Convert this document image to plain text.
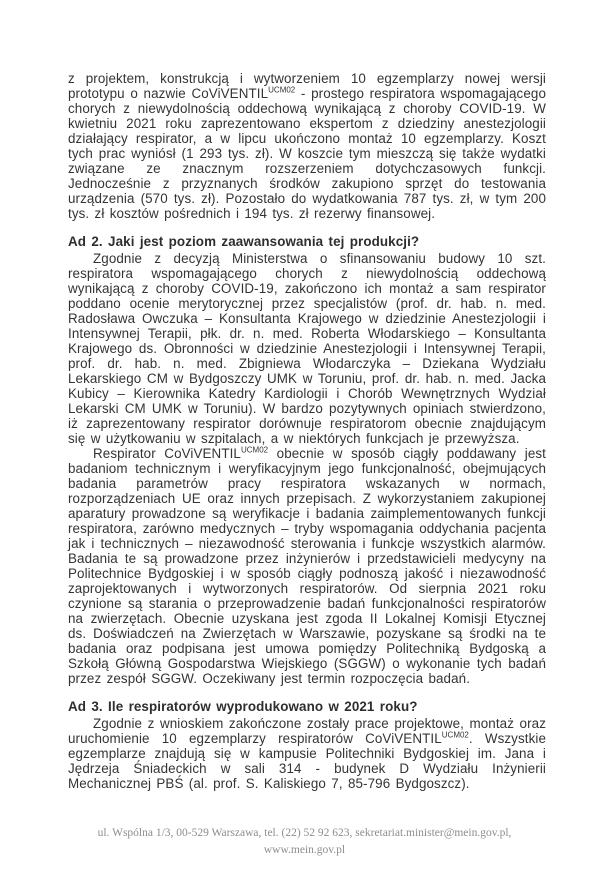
z projektem, konstrukcją i wytworzeniem 10 egzemplarzy nowej wersji prototypu o nazwie CoViVENTIL$^{UCM02}$ - prostego respiratora wspomagającego chorych z niewydolnością oddechową wynikającą z choroby COVID-19. W kwietniu 2021 roku zaprezentowano ekspertom z dziedziny anestezjologii działający respirator, a w lipcu ukończono montaż 10 egzemplarzy. Koszt tych prac wyniósł (1 293 tys. zł). W koszcie tym mieszczą się także wydatki związane ze znacznym rozszerzeniem dotychczasowych funkcji. Jednocześnie z przyznanych środków zakupiono sprzęt do testowania urządzenia (570 tys. zł). Pozostało do wydatkowania 787 tys. zł, w tym 200 tys. zł kosztów pośrednich i 194 tys. zł rezerwy finansowej.
Ad 2. Jaki jest poziom zaawansowania tej produkcji?
Zgodnie z decyzją Ministerstwa o sfinansowaniu budowy 10 szt. respiratora wspomagającego chorych z niewydolnością oddechową wynikającą z choroby COVID-19, zakończono ich montaż a sam respirator poddano ocenie merytorycznej przez specjalistów (prof. dr. hab. n. med. Radosława Owczuka – Konsultanta Krajowego w dziedzinie Anestezjologii i Intensywnej Terapii, płk. dr. n. med. Roberta Włodarskiego – Konsultanta Krajowego ds. Obronności w dziedzinie Anestezjologii i Intensywnej Terapii, prof. dr. hab. n. med. Zbigniewa Włodarczyka – Dziekana Wydziału Lekarskiego CM w Bydgoszczy UMK w Toruniu, prof. dr. hab. n. med. Jacka Kubicy – Kierownika Katedry Kardiologii i Chorób Wewnętrznych Wydział Lekarski CM UMK w Toruniu). W bardzo pozytywnych opiniach stwierdzono, iż zaprezentowany respirator dorównuje respiratorom obecnie znajdującym się w użytkowaniu w szpitalach, a w niektórych funkcjach je przewyższa.
Respirator CoViVENTIL$^{UCM02}$ obecnie w sposób ciągły poddawany jest badaniom technicznym i weryfikacyjnym jego funkcjonalność, obejmujących badania parametrów pracy respiratora wskazanych w normach, rozporządzeniach UE oraz innych przepisach. Z wykorzystaniem zakupionej aparatury prowadzone są weryfikacje i badania zaimplementowanych funkcji respiratora, zarówno medycznych – tryby wspomagania oddychania pacjenta jak i technicznych – niezawodność sterowania i funkcje wszystkich alarmów. Badania te są prowadzone przez inżynierów i przedstawicieli medycyny na Politechnice Bydgoskiej i w sposób ciągły podnoszą jakość i niezawodność zaprojektowanych i wytworzonych respiratorów. Od sierpnia 2021 roku czynione są starania o przeprowadzenie badań funkcjonalności respiratorów na zwierzętach. Obecnie uzyskana jest zgoda II Lokalnej Komisji Etycznej ds. Doświadczeń na Zwierzętach w Warszawie, pozyskane są środki na te badania oraz podpisana jest umowa pomiędzy Politechniką Bydgoską a Szkołą Główną Gospodarstwa Wiejskiego (SGGW) o wykonanie tych badań przez zespół SGGW. Oczekiwany jest termin rozpoczęcia badań.
Ad 3. Ile respiratorów wyprodukowano w 2021 roku?
Zgodnie z wnioskiem zakończone zostały prace projektowe, montaż oraz uruchomienie 10 egzemplarzy respiratorów CoViVENTIL$^{UCM02}$. Wszystkie egzemplarze znajdują się w kampusie Politechniki Bydgoskiej im. Jana i Jędrzeja Śniadeckich w sali 314 - budynek D Wydziału Inżynierii Mechanicznej PBŚ (al. prof. S. Kaliskiego 7, 85-796 Bydgoszcz).
ul. Wspólna 1/3, 00-529 Warszawa, tel. (22) 52 92 623, sekretariat.minister@mein.gov.pl,
www.mein.gov.pl
